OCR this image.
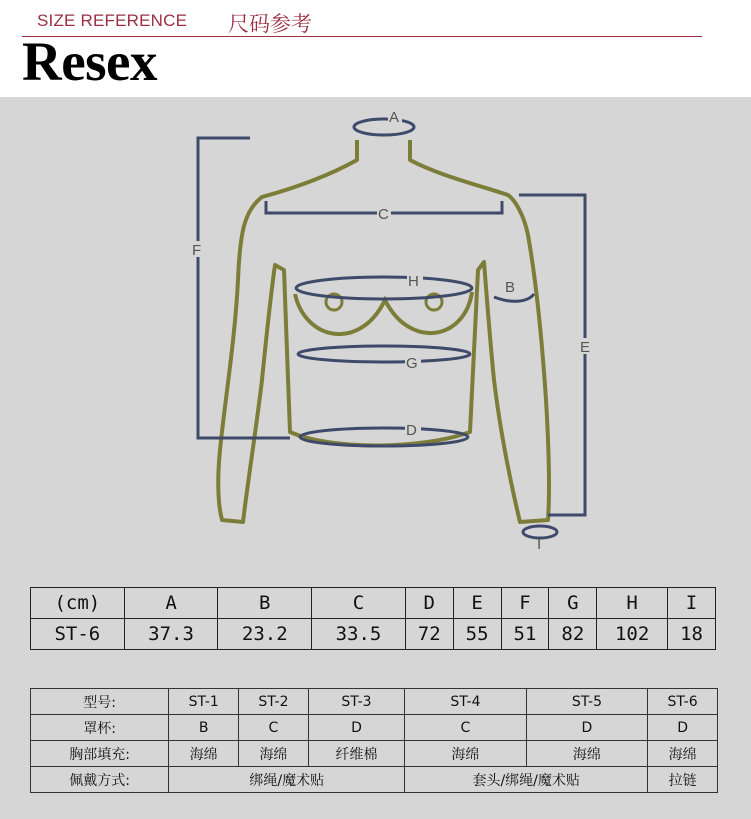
SIZE REFERENCE 尺码参考
Resex
A
C
F
H	B
E
G
D
I
(cm)	A	B	C	D	E	F	G	H	I
ST-6	37.3	23.2	33.5	72	55	51	82	102	18
型号:	ST-1	ST-2	ST-3	ST-4	ST-5	ST-6
罩杯:	B	C	D	C	D	D
胸部填充:	海绵	海绵	纤维棉	海绵	海绵	海绵
佩戴方式:	绑绳/魔术贴			套头/绑绳/魔术贴		拉链
